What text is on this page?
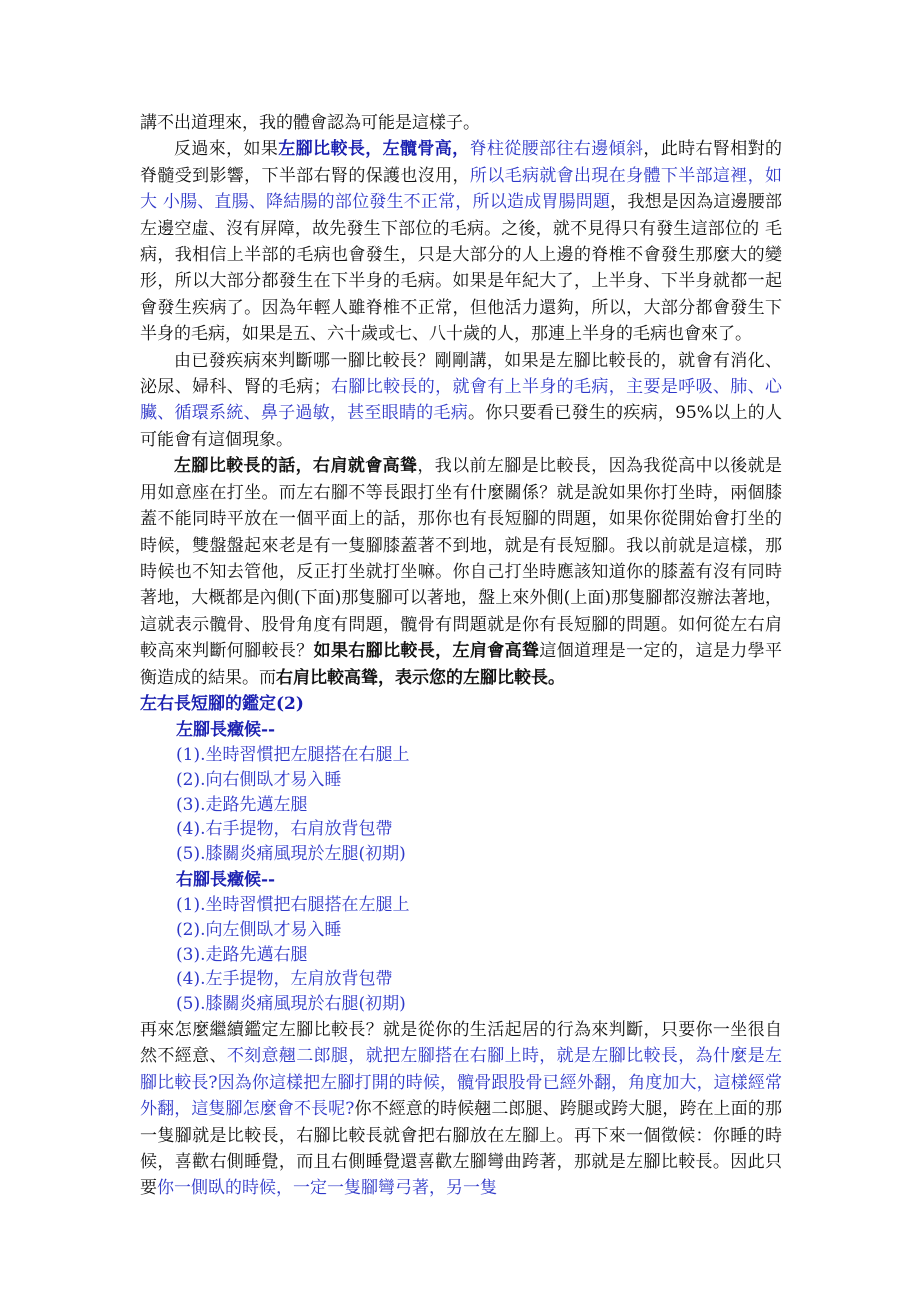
講不出道理來，我的體會認為可能是這樣子。

反過來，如果左腳比較長，左髖骨高，脊柱從腰部往右邊傾斜，此時右腎相對的脊髓受到影響，下半部右腎的保護也沒用，所以毛病就會出現在身體下半部這裡，如大 小腸、直腸、降結腸的部位發生不正常，所以造成胃腸問題，我想是因為這邊腰部左邊空虛、沒有屏障，故先發生下部位的毛病。之後，就不見得只有發生這部位的 毛病，我相信上半部的毛病也會發生，只是大部分的人上邊的脊椎不會發生那麼大的變形，所以大部分都發生在下半身的毛病。如果是年紀大了，上半身、下半身就都一起會發生疾病了。因為年輕人雖脊椎不正常，但他活力還夠，所以，大部分都會發生下半身的毛病，如果是五、六十歲或七、八十歲的人，那連上半身的毛病也會來了。

由已發疾病來判斷哪一腳比較長？剛剛講，如果是左腳比較長的，就會有消化、泌尿、婦科、腎的毛病；右腳比較長的，就會有上半身的毛病，主要是呼吸、肺、心臟、循環系統、鼻子過敏，甚至眼睛的毛病。你只要看已發生的疾病，95%以上的人可能會有這個現象。

左腳比較長的話，右肩就會高聳，我以前左腳是比較長，因為我從高中以後就是用如意座在打坐。而左右腳不等長跟打坐有什麼關係？就是說如果你打坐時，兩個膝蓋不能同時平放在一個平面上的話，那你也有長短腳的問題，如果你從開始會打坐的時候，雙盤盤起來老是有一隻腳膝蓋著不到地，就是有長短腳。我以前就是這樣，那時候也不知去管他，反正打坐就打坐嘛。你自己打坐時應該知道你的膝蓋有沒有同時著地，大概都是內側(下面)那隻腳可以著地，盤上來外側(上面)那隻腳都沒辦法著地，這就表示髖骨、股骨角度有問題，髖骨有問題就是你有長短腳的問題。如何從左右肩較高來判斷何腳較長？如果右腳比較長，左肩會高聳這個道理是一定的，這是力學平衡造成的結果。而右肩比較高聳，表示您的左腳比較長。

左右長短腳的鑑定(2)

左腳長癥候--

(1).坐時習慣把左腿搭在右腿上
(2).向右側臥才易入睡
(3).走路先邁左腿
(4).右手提物，右肩放背包帶
(5).膝關炎痛風現於左腿(初期)

右腳長癥候--

(1).坐時習慣把右腿搭在左腿上
(2).向左側臥才易入睡
(3).走路先邁右腿
(4).左手提物，左肩放背包帶
(5).膝關炎痛風現於右腿(初期)

再來怎麼繼續鑑定左腳比較長？就是從你的生活起居的行為來判斷，只要你一坐很自然不經意、不刻意翹二郎腿，就把左腳搭在右腳上時，就是左腳比較長，為什麼是左腳比較長?因為你這樣把左腳打開的時候，髖骨跟股骨已經外翻，角度加大，這樣經常外翻，這隻腳怎麼會不長呢?你不經意的時候翹二郎腿、跨腿或跨大腿，跨在上面的那一隻腳就是比較長，右腳比較長就會把右腳放在左腳上。再下來一個徵候：你睡的時候，喜歡右側睡覺，而且右側睡覺還喜歡左腳彎曲跨著，那就是左腳比較長。因此只要你一側臥的時候，一定一隻腳彎弓著，另一隻
